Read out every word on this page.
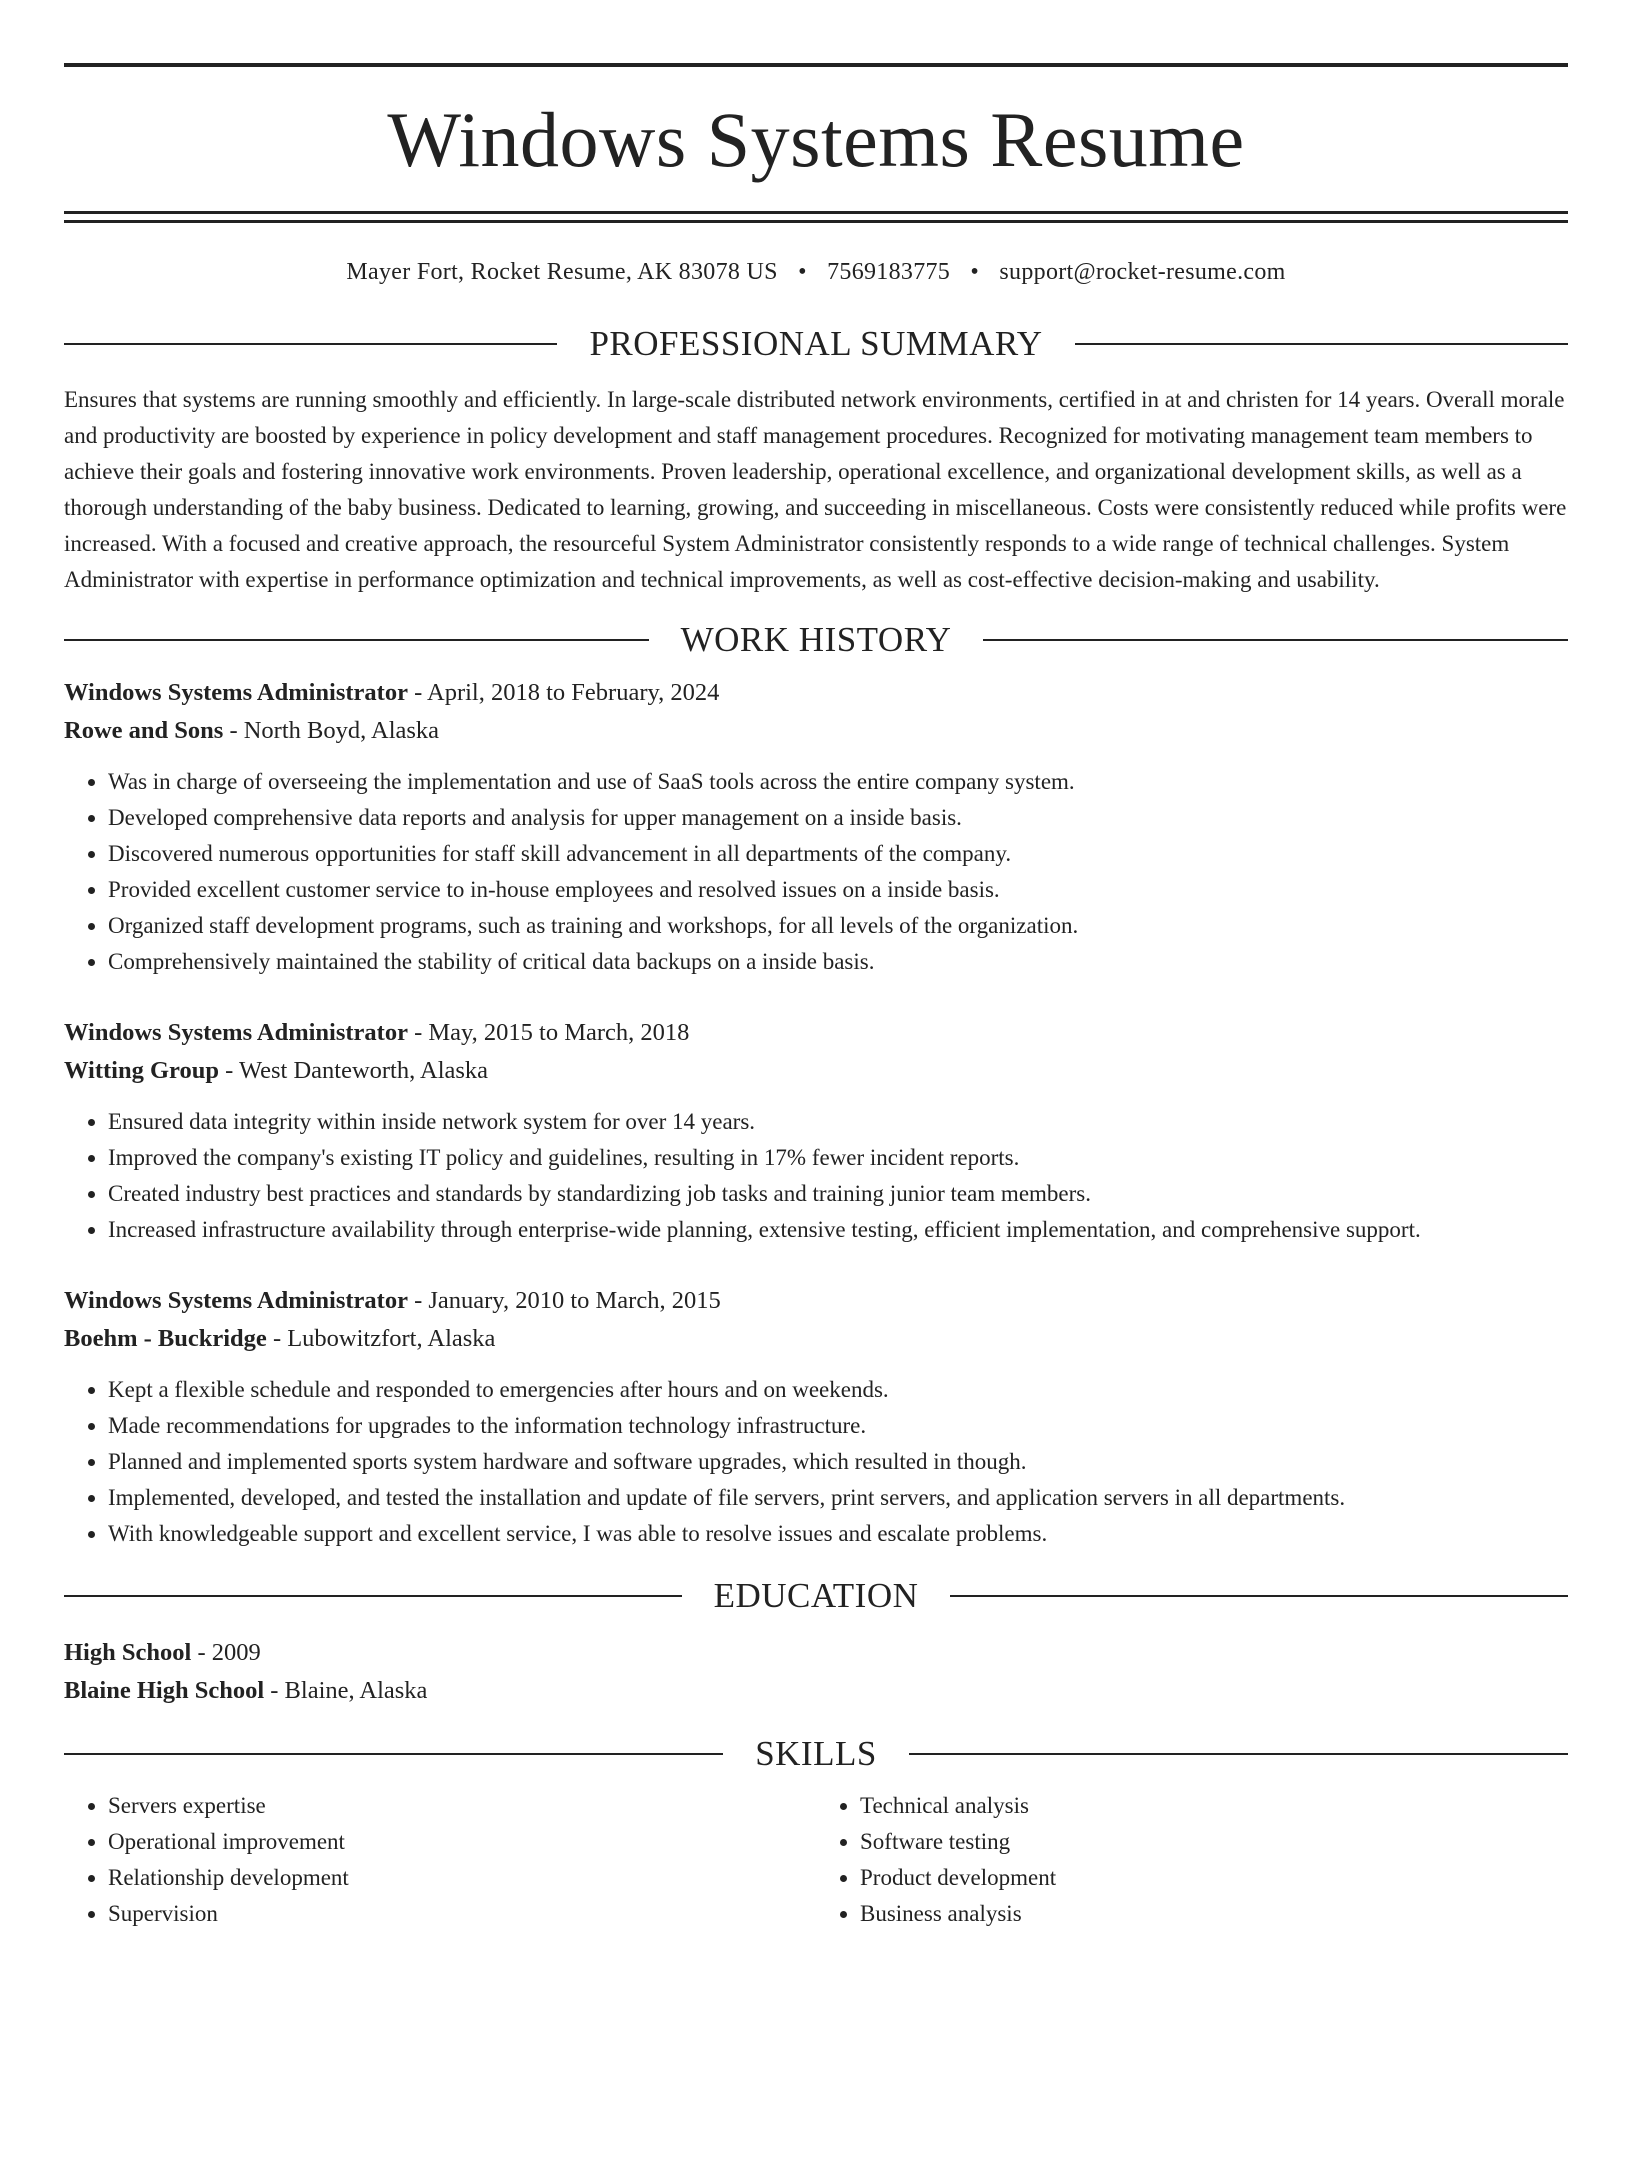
Windows Systems Resume
Mayer Fort, Rocket Resume, AK 83078 US • 7569183775 • support@rocket-resume.com
PROFESSIONAL SUMMARY
Ensures that systems are running smoothly and efficiently. In large-scale distributed network environments, certified in at and christen for 14 years. Overall morale and productivity are boosted by experience in policy development and staff management procedures. Recognized for motivating management team members to achieve their goals and fostering innovative work environments. Proven leadership, operational excellence, and organizational development skills, as well as a thorough understanding of the baby business. Dedicated to learning, growing, and succeeding in miscellaneous. Costs were consistently reduced while profits were increased. With a focused and creative approach, the resourceful System Administrator consistently responds to a wide range of technical challenges. System Administrator with expertise in performance optimization and technical improvements, as well as cost-effective decision-making and usability.
WORK HISTORY
Windows Systems Administrator - April, 2018 to February, 2024
Rowe and Sons - North Boyd, Alaska
• Was in charge of overseeing the implementation and use of SaaS tools across the entire company system.
• Developed comprehensive data reports and analysis for upper management on a inside basis.
• Discovered numerous opportunities for staff skill advancement in all departments of the company.
• Provided excellent customer service to in-house employees and resolved issues on a inside basis.
• Organized staff development programs, such as training and workshops, for all levels of the organization.
• Comprehensively maintained the stability of critical data backups on a inside basis.
Windows Systems Administrator - May, 2015 to March, 2018
Witting Group - West Danteworth, Alaska
• Ensured data integrity within inside network system for over 14 years.
• Improved the company's existing IT policy and guidelines, resulting in 17% fewer incident reports.
• Created industry best practices and standards by standardizing job tasks and training junior team members.
• Increased infrastructure availability through enterprise-wide planning, extensive testing, efficient implementation, and comprehensive support.
Windows Systems Administrator - January, 2010 to March, 2015
Boehm - Buckridge - Lubowitzfort, Alaska
• Kept a flexible schedule and responded to emergencies after hours and on weekends.
• Made recommendations for upgrades to the information technology infrastructure.
• Planned and implemented sports system hardware and software upgrades, which resulted in though.
• Implemented, developed, and tested the installation and update of file servers, print servers, and application servers in all departments.
• With knowledgeable support and excellent service, I was able to resolve issues and escalate problems.
EDUCATION
High School - 2009
Blaine High School - Blaine, Alaska
SKILLS
• Servers expertise
• Operational improvement
• Relationship development
• Supervision
• Technical analysis
• Software testing
• Product development
• Business analysis
